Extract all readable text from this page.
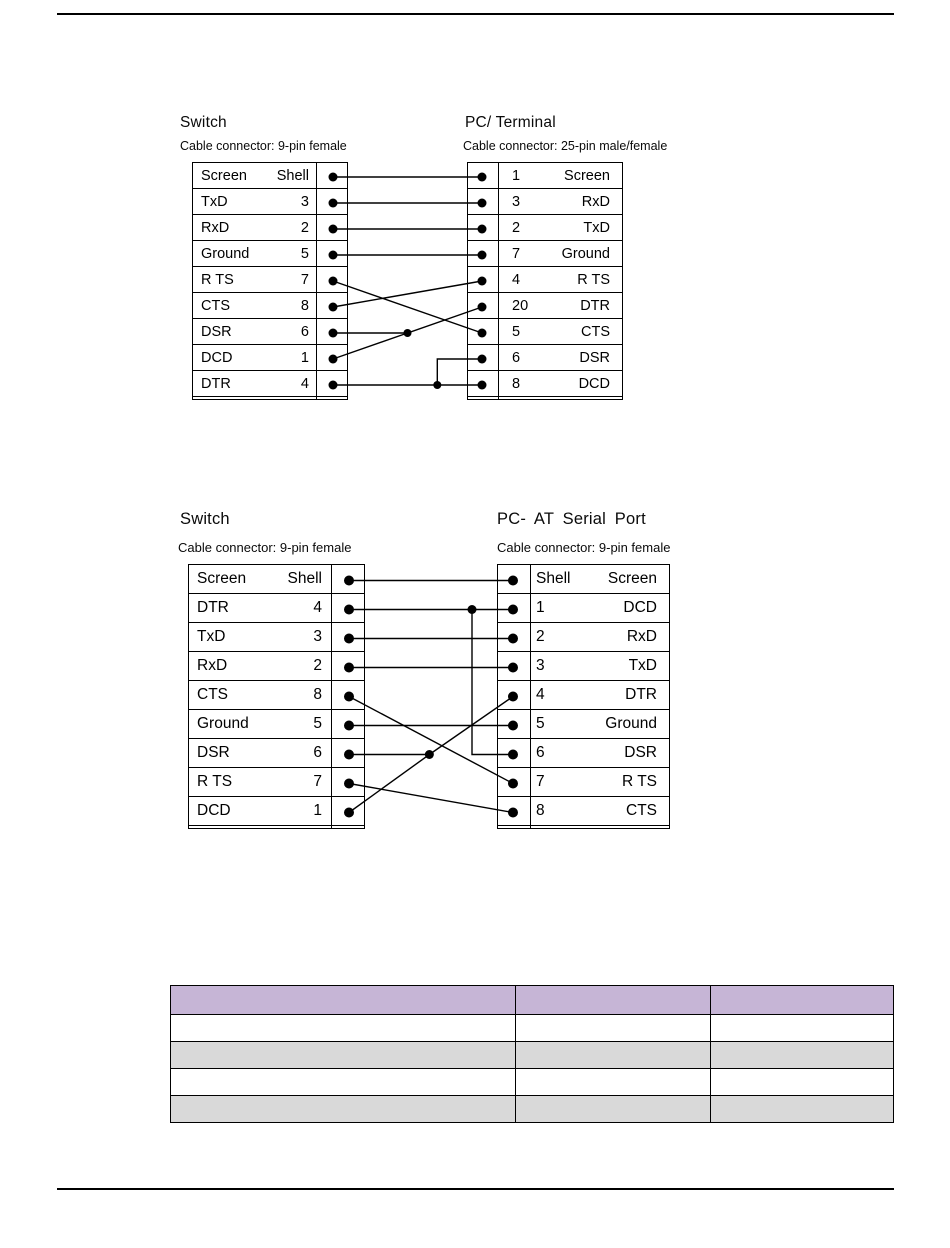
Switch	PC/ Terminal
Cable connector: 9-pin female	Cable connector: 25-pin male/female
Switch	PC- AT Serial Port
Cable connector: 9-pin female	Cable connector: 9-pin female
Screen Shell
TxD	3
RxD	2
Ground	5
R TS	7
CTS	8
DSR	6
DCD	1
DTR	4
1	Screen
3	RxD
2	TxD
7	Ground
4	R TS
20	DTR
5	CTS
6	DSR
8	DCD
Screen	Shell
DTR	4
TxD	3
RxD	2
CTS	8
Ground	5
DSR	6
R TS	7
DCD	1
Shell Screen
1	DCD
2	RxD
3	TxD
4	DTR
5	Ground
6	DSR
7	R TS
8	CTS
